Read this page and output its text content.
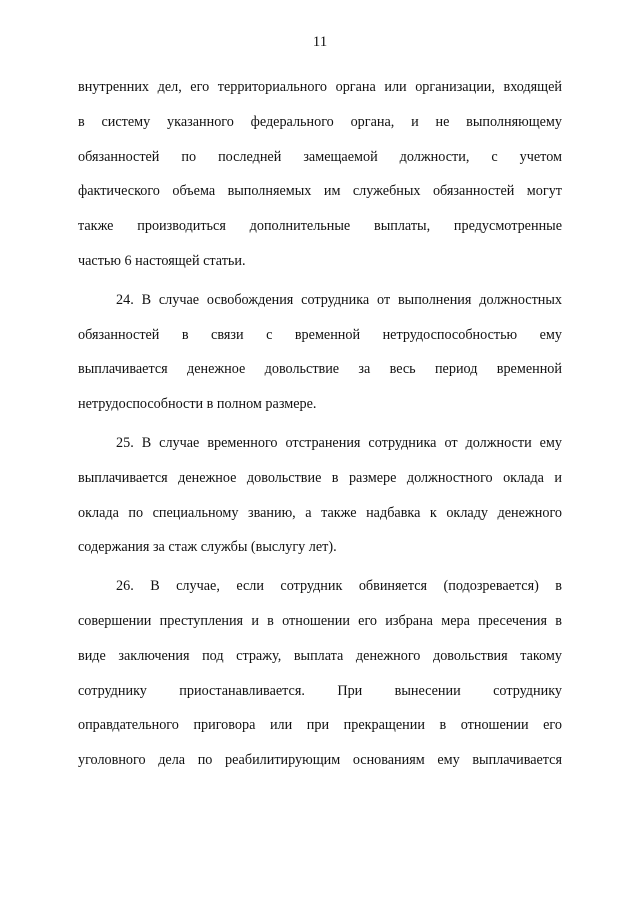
11

внутренних дел, его территориального органа или организации, входящей
в систему указанного федерального органа, и не выполняющему
обязанностей по последней замещаемой должности, с учетом
фактического объема выполняемых им служебных обязанностей могут
также производиться дополнительные выплаты, предусмотренные
частью 6 настоящей статьи.

24. В случае освобождения сотрудника от выполнения должностных
обязанностей в связи с временной нетрудоспособностью ему
выплачивается денежное довольствие за весь период временной
нетрудоспособности в полном размере.

25. В случае временного отстранения сотрудника от должности ему
выплачивается денежное довольствие в размере должностного оклада и
оклада по специальному званию, а также надбавка к окладу денежного
содержания за стаж службы (выслугу лет).

26. В случае, если сотрудник обвиняется (подозревается) в
совершении преступления и в отношении его избрана мера пресечения в
виде заключения под стражу, выплата денежного довольствия такому
сотруднику приостанавливается. При вынесении сотруднику
оправдательного приговора или при прекращении в отношении его
уголовного дела по реабилитирующим основаниям ему выплачивается
